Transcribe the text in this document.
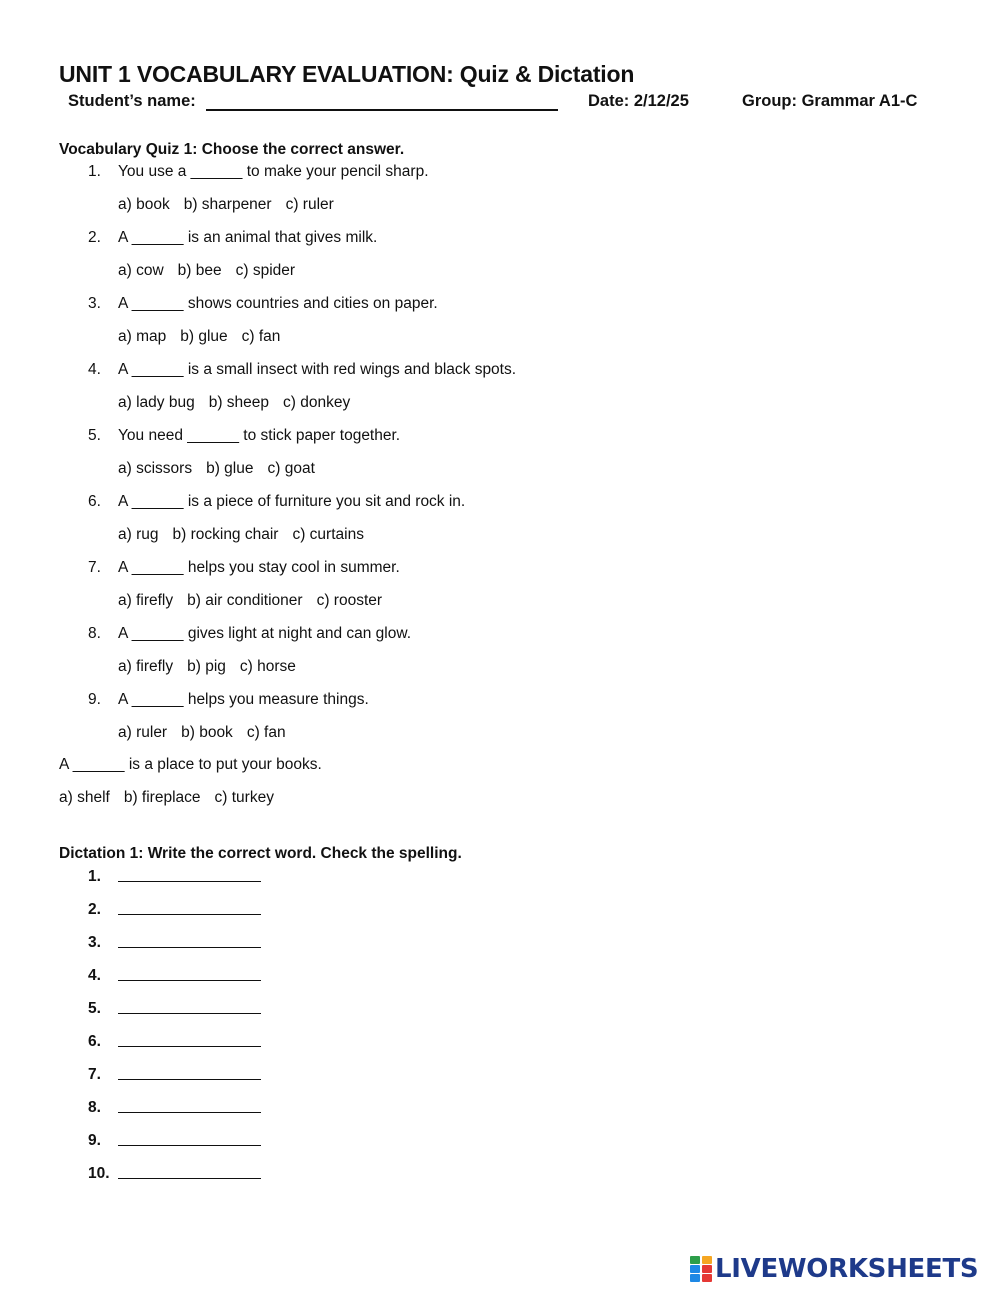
UNIT 1 VOCABULARY EVALUATION: Quiz & Dictation
Student’s name:	Date: 2/12/25	Group: Grammar A1-C
Vocabulary Quiz 1: Choose the correct answer.
1. You use a ______ to make your pencil sharp.
a) book b) sharpener c) ruler
2. A ______ is an animal that gives milk.
a) cow b) bee c) spider
3. A ______ shows countries and cities on paper.
a) map b) glue c) fan
4. A ______ is a small insect with red wings and black spots.
a) lady bug b) sheep c) donkey
5. You need ______ to stick paper together.
a) scissors b) glue c) goat
6. A ______ is a piece of furniture you sit and rock in.
a) rug b) rocking chair c) curtains
7. A ______ helps you stay cool in summer.
a) firefly b) air conditioner c) rooster
8. A ______ gives light at night and can glow.
a) firefly b) pig c) horse
9. A ______ helps you measure things.
a) ruler b) book c) fan
A ______ is a place to put your books.
a) shelf b) fireplace c) turkey
Dictation 1: Write the correct word. Check the spelling.
1.
2.
3.
4.
5.
6.
7.
8.
9.
10.
LIVEWORKSHEETS
